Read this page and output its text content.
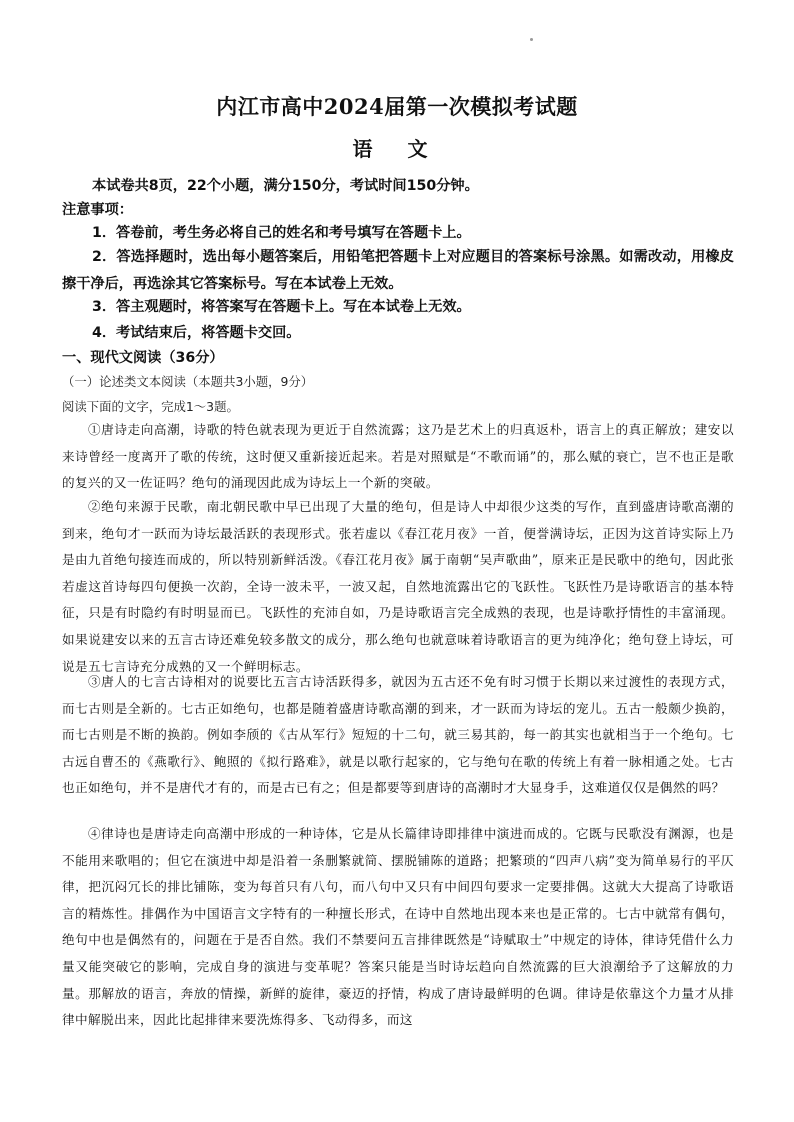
内江市高中2024届第一次模拟考试题
语 文
本试卷共8页，22个小题，满分150分，考试时间150分钟。
注意事项：
1．答卷前，考生务必将自己的姓名和考号填写在答题卡上。
2．答选择题时，选出每小题答案后，用铅笔把答题卡上对应题目的答案标号涂黑。如需改动，用橡皮擦干净后，再选涂其它答案标号。写在本试卷上无效。
3．答主观题时，将答案写在答题卡上。写在本试卷上无效。
4．考试结束后，将答题卡交回。
一、现代文阅读（36分）
（一）论述类文本阅读（本题共3小题，9分）
阅读下面的文字，完成1～3题。
①唐诗走向高潮，诗歌的特色就表现为更近于自然流露；这乃是艺术上的归真返朴，语言上的真正解放；建安以来诗曾经一度离开了歌的传统，这时便又重新接近起来。若是对照赋是“不歌而诵”的，那么赋的衰亡，岂不也正是歌的复兴的又一佐证吗？绝句的涌现因此成为诗坛上一个新的突破。
②绝句来源于民歌，南北朝民歌中早已出现了大量的绝句，但是诗人中却很少这类的写作，直到盛唐诗歌高潮的到来，绝句才一跃而为诗坛最活跃的表现形式。张若虚以《春江花月夜》一首，便誉满诗坛，正因为这首诗实际上乃是由九首绝句接连而成的，所以特别新鲜活泼。《春江花月夜》属于南朝“吴声歌曲”，原来正是民歌中的绝句，因此张若虚这首诗每四句便换一次韵，全诗一波未平，一波又起，自然地流露出它的飞跃性。飞跃性乃是诗歌语言的基本特征，只是有时隐约有时明显而已。飞跃性的充沛自如，乃是诗歌语言完全成熟的表现，也是诗歌抒情性的丰富涌现。如果说建安以来的五言古诗还难免较多散文的成分，那么绝句也就意味着诗歌语言的更为纯净化；绝句登上诗坛，可说是五七言诗充分成熟的又一个鲜明标志。
③唐人的七言古诗相对的说要比五言古诗活跃得多，就因为五古还不免有时习惯于长期以来过渡性的表现方式，而七古则是全新的。七古正如绝句，也都是随着盛唐诗歌高潮的到来，才一跃而为诗坛的宠儿。五古一般颇少换韵，而七古则是不断的换韵。例如李颀的《古从军行》短短的十二句，就三易其韵，每一韵其实也就相当于一个绝句。七古远自曹丕的《燕歌行》、鲍照的《拟行路难》，就是以歌行起家的，它与绝句在歌的传统上有着一脉相通之处。七古也正如绝句，并不是唐代才有的，而是古已有之；但是都要等到唐诗的高潮时才大显身手，这难道仅仅是偶然的吗？
④律诗也是唐诗走向高潮中形成的一种诗体，它是从长篇律诗即排律中演进而成的。它既与民歌没有渊源，也是不能用来歌唱的；但它在演进中却是沿着一条删繁就简、摆脱铺陈的道路；把繁琐的“四声八病”变为简单易行的平仄律，把沉闷冗长的排比铺陈，变为每首只有八句，而八句中又只有中间四句要求一定要排偶。这就大大提高了诗歌语言的精炼性。排偶作为中国语言文字特有的一种擅长形式，在诗中自然地出现本来也是正常的。七古中就常有偶句，绝句中也是偶然有的，问题在于是否自然。我们不禁要问五言排律既然是“诗赋取士”中规定的诗体，律诗凭借什么力量又能突破它的影响，完成自身的演进与变革呢？答案只能是当时诗坛趋向自然流露的巨大浪潮给予了这解放的力量。那解放的语言，奔放的情操，新鲜的旋律，豪迈的抒情，构成了唐诗最鲜明的色调。律诗是依靠这个力量才从排律中解脱出来，因此比起排律来要洗炼得多、飞动得多，而这
